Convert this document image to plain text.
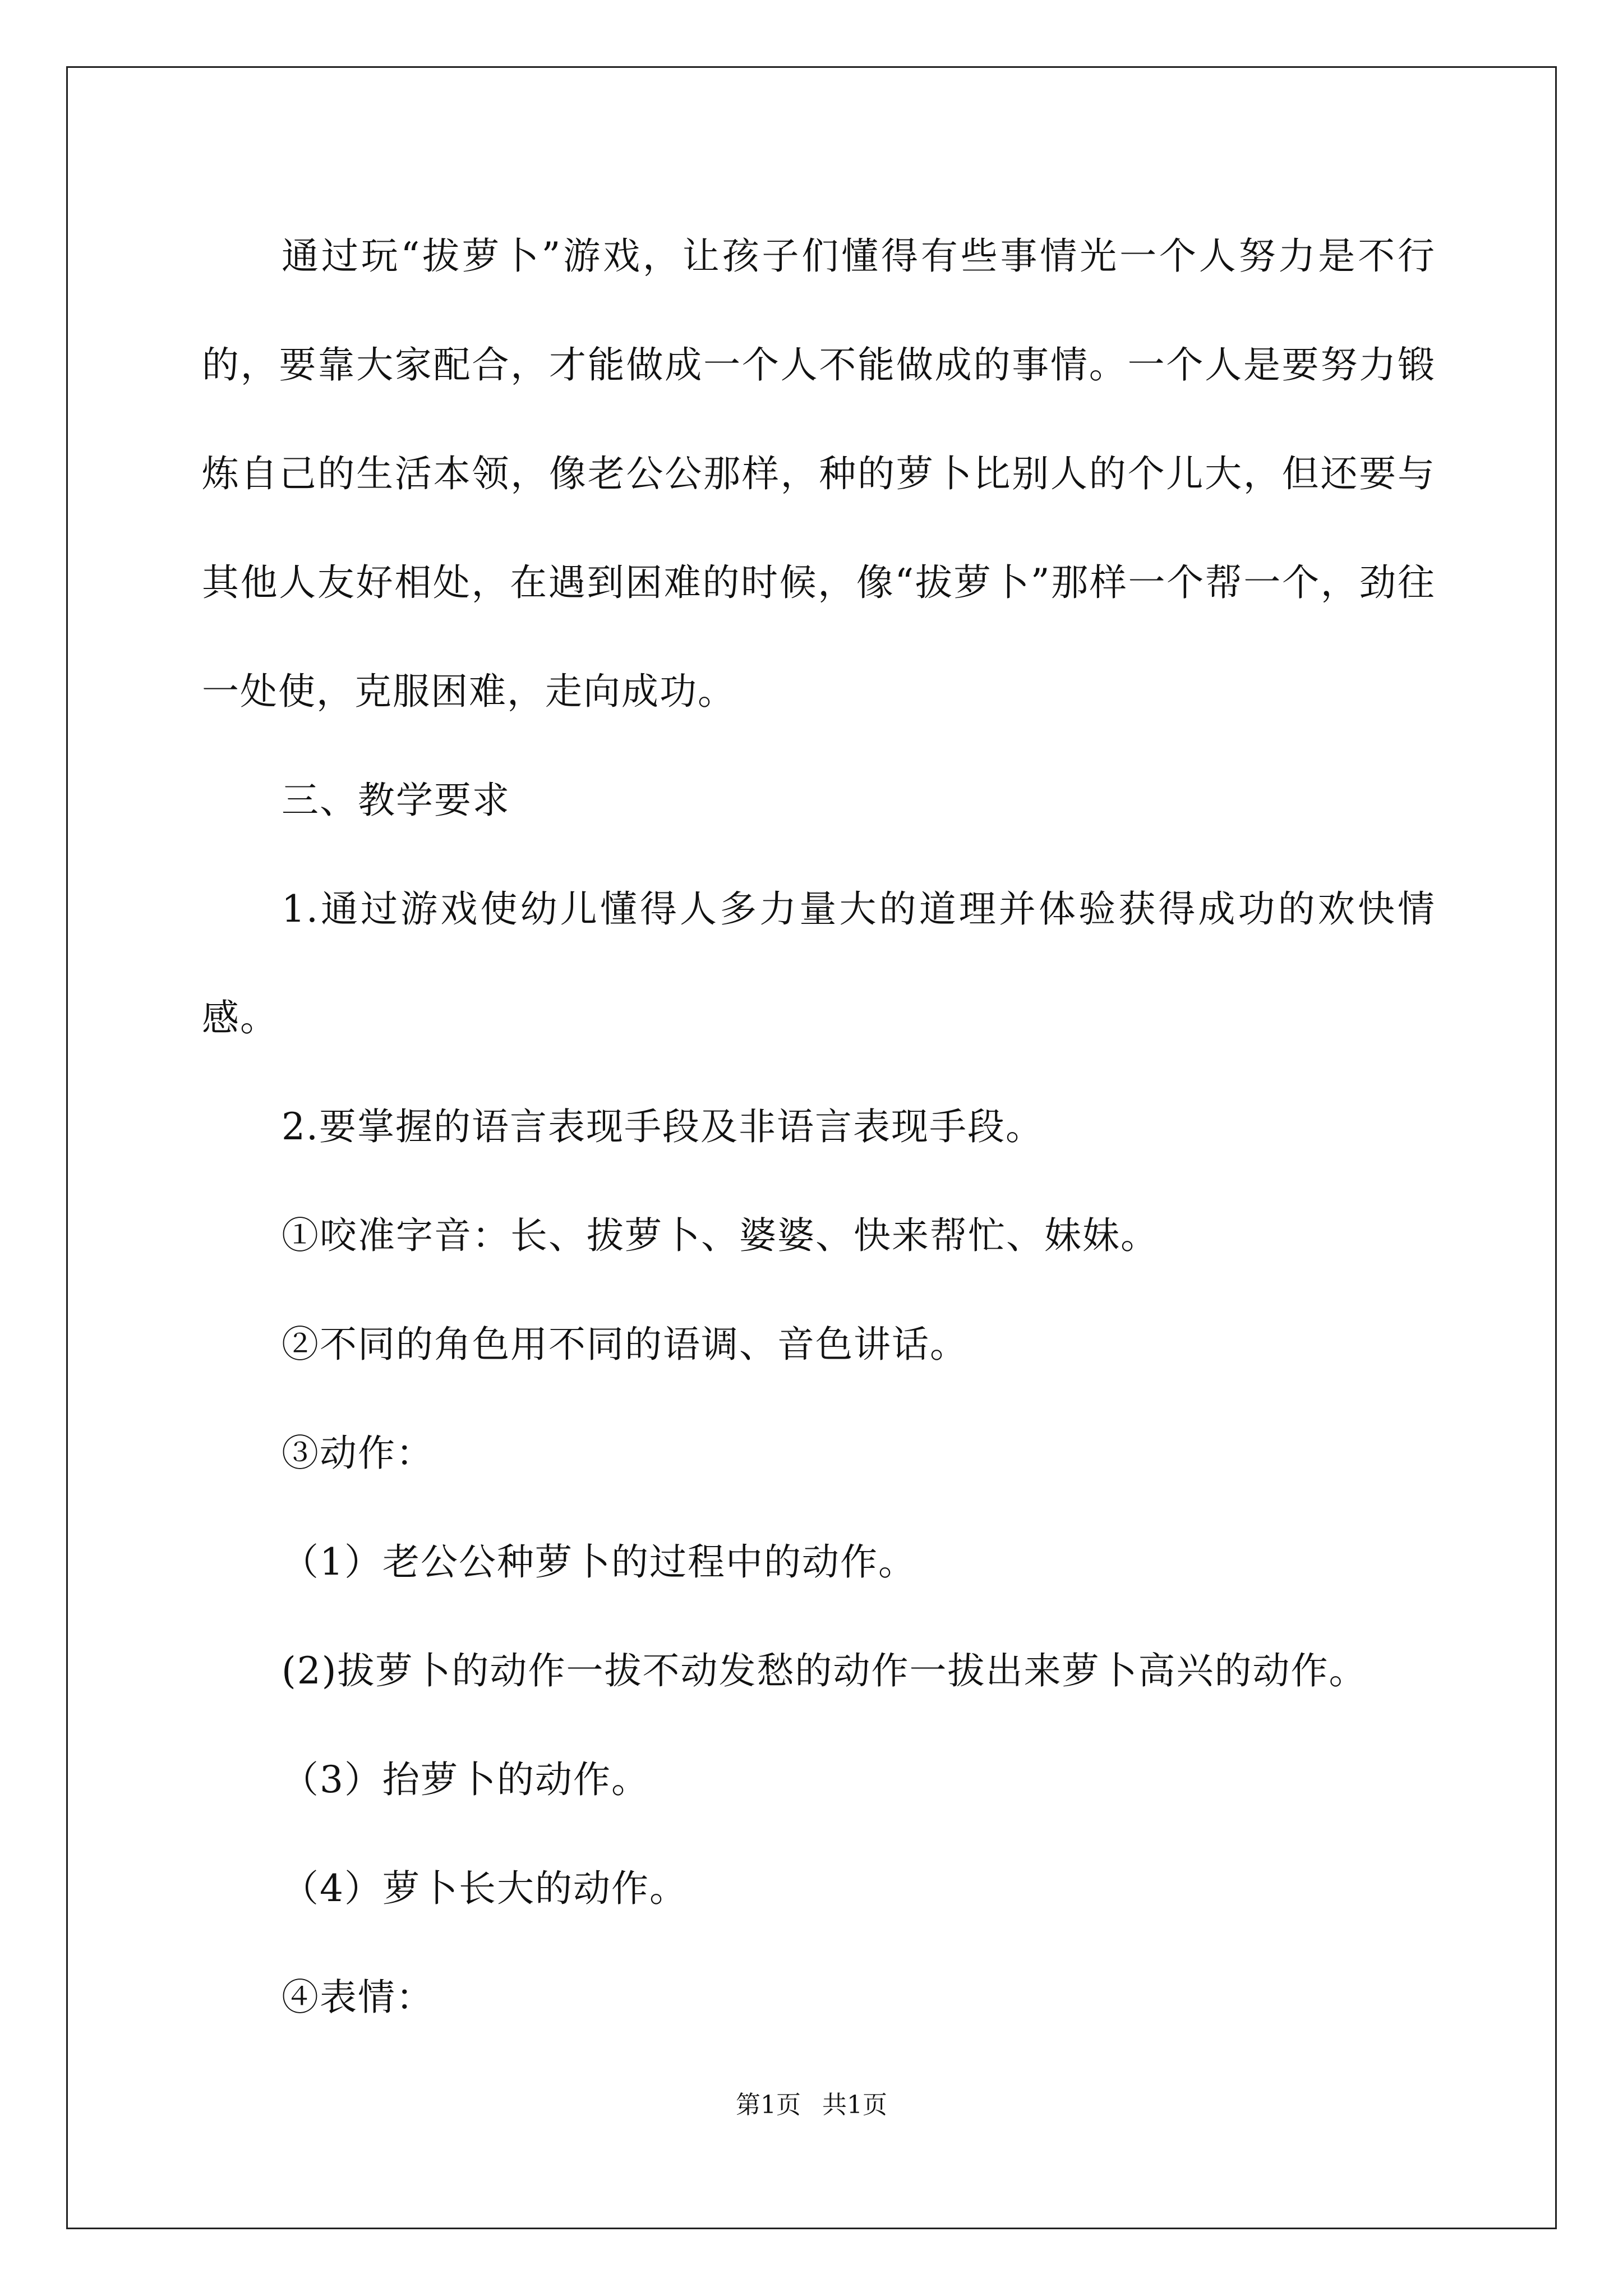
通过玩“拔萝卜”游戏，让孩子们懂得有些事情光一个人努力是不行的，要靠大家配合，才能做成一个人不能做成的事情。一个人是要努力锻炼自己的生活本领，像老公公那样，种的萝卜比别人的个儿大，但还要与其他人友好相处，在遇到困难的时候，像“拔萝卜”那样一个帮一个，劲往一处使，克服困难，走向成功。

三、教学要求

1.通过游戏使幼儿懂得人多力量大的道理并体验获得成功的欢快情感。

2.要掌握的语言表现手段及非语言表现手段。

①咬准字音：长、拔萝卜、婆婆、快来帮忙、妹妹。

②不同的角色用不同的语调、音色讲话。

③动作：

（1）老公公种萝卜的过程中的动作。

(2)拔萝卜的动作一拔不动发愁的动作一拔出来萝卜高兴的动作。

（3）抬萝卜的动作。

（4）萝卜长大的动作。

④表情：

第1页 共1页
